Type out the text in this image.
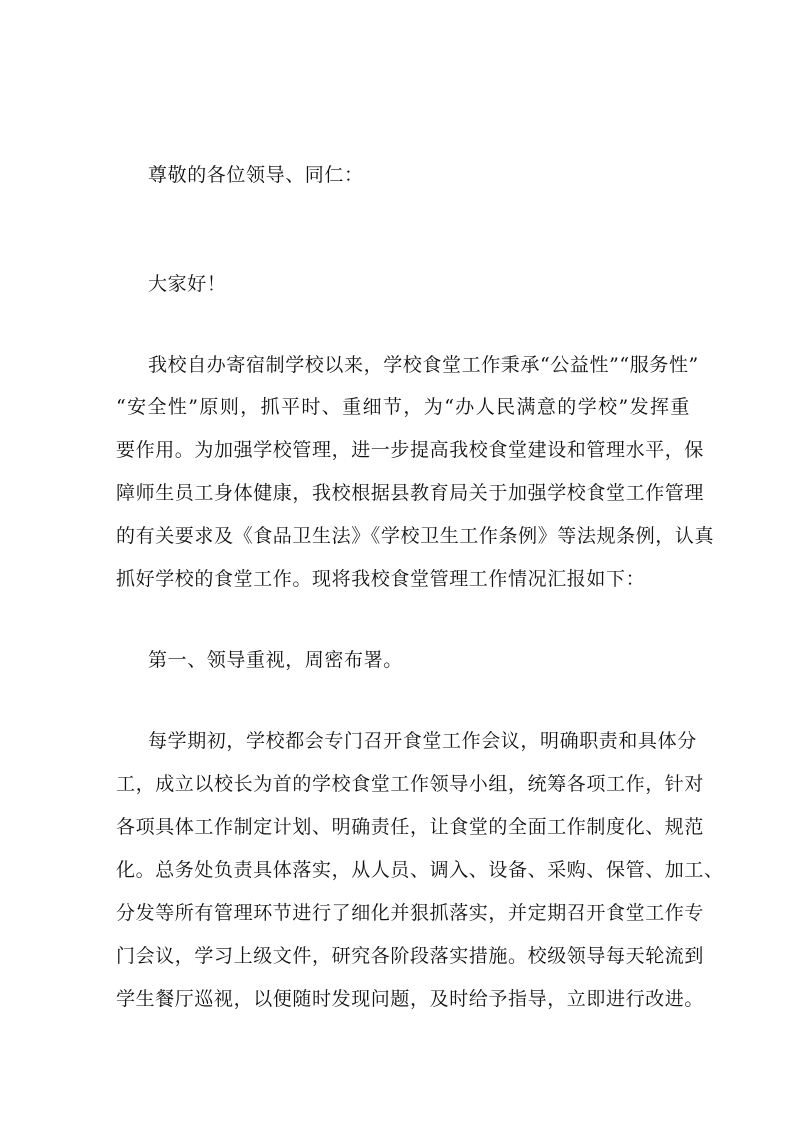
尊敬的各位领导、同仁：
大家好！
我校自办寄宿制学校以来，学校食堂工作秉承“公益性”“服务性”
“安全性”原则，抓平时、重细节，为“办人民满意的学校”发挥重
要作用。为加强学校管理，进一步提高我校食堂建设和管理水平，保
障师生员工身体健康，我校根据县教育局关于加强学校食堂工作管理
的有关要求及《食品卫生法》《学校卫生工作条例》等法规条例，认真
抓好学校的食堂工作。现将我校食堂管理工作情况汇报如下：
第一、领导重视，周密布署。
每学期初，学校都会专门召开食堂工作会议，明确职责和具体分
工，成立以校长为首的学校食堂工作领导小组，统筹各项工作，针对
各项具体工作制定计划、明确责任，让食堂的全面工作制度化、规范
化。总务处负责具体落实，从人员、调入、设备、采购、保管、加工、
分发等所有管理环节进行了细化并狠抓落实，并定期召开食堂工作专
门会议，学习上级文件，研究各阶段落实措施。校级领导每天轮流到
学生餐厅巡视，以便随时发现问题，及时给予指导，立即进行改进。
